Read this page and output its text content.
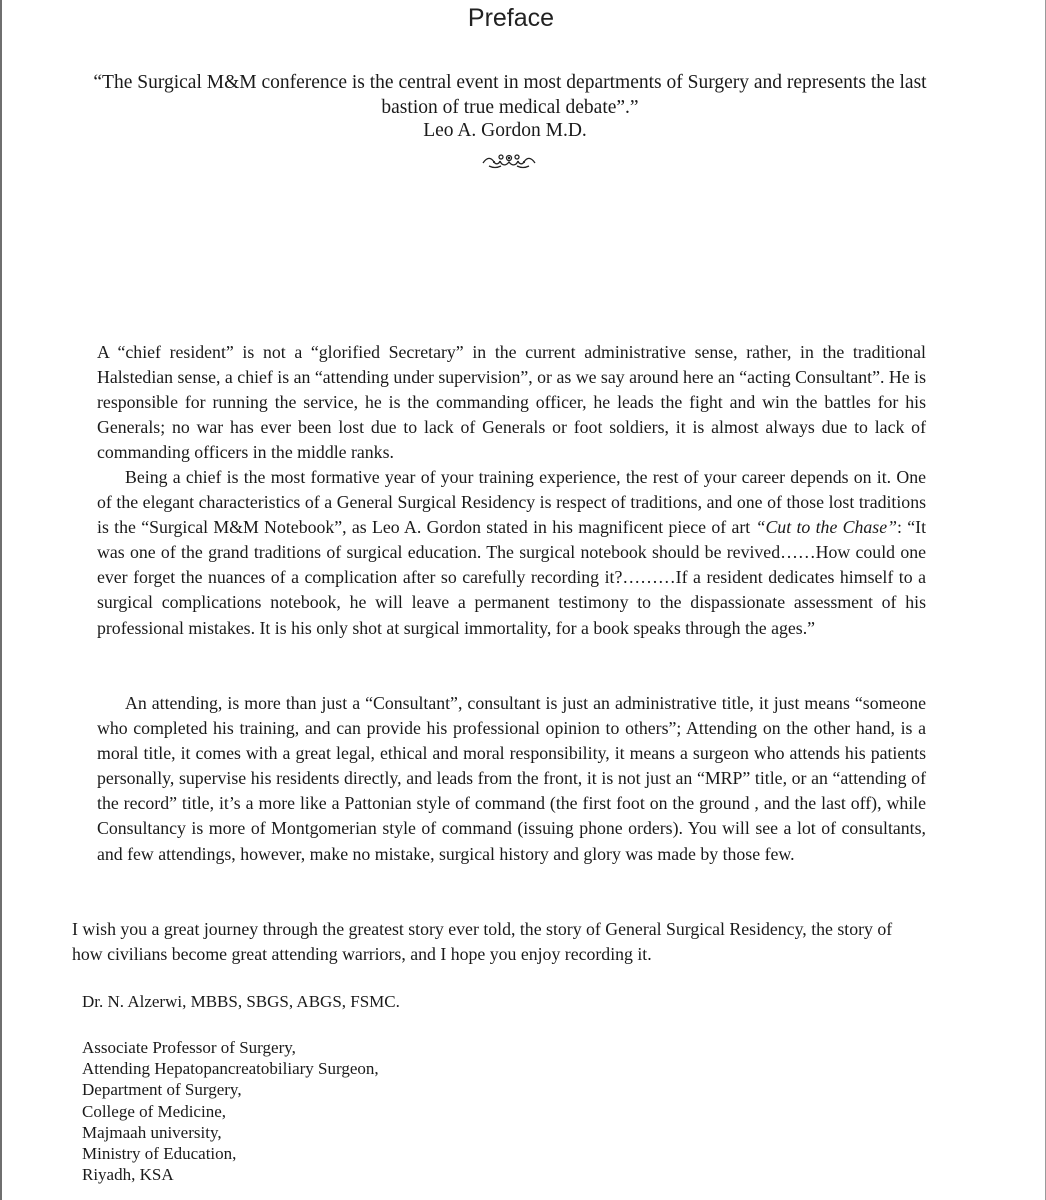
Preface
“The Surgical M&M conference is the central event in most departments of Surgery and represents the last bastion of true medical debate”.”
Leo A. Gordon M.D.

A “chief resident” is not a “glorified Secretary” in the current administrative sense, rather, in the traditional Halstedian sense, a chief is an “attending under supervision”, or as we say around here an “acting Consultant”. He is responsible for running the service, he is the commanding officer, he leads the fight and win the battles for his Generals; no war has ever been lost due to lack of Generals or foot soldiers, it is almost always due to lack of commanding officers in the middle ranks.

Being a chief is the most formative year of your training experience, the rest of your career depends on it. One of the elegant characteristics of a General Surgical Residency is respect of traditions, and one of those lost traditions is the “Surgical M&M Notebook”, as Leo A. Gordon stated in his magnificent piece of art “Cut to the Chase”: “It was one of the grand traditions of surgical education. The surgical notebook should be revived……How could one ever forget the nuances of a complication after so carefully recording it?………If a resident dedicates himself to a surgical complications notebook, he will leave a permanent testimony to the dispassionate assessment of his professional mistakes. It is his only shot at surgical immortality, for a book speaks through the ages.”

An attending, is more than just a “Consultant”, consultant is just an administrative title, it just means “someone who completed his training, and can provide his professional opinion to others”; Attending on the other hand, is a moral title, it comes with a great legal, ethical and moral responsibility, it means a surgeon who attends his patients personally, supervise his residents directly, and leads from the front, it is not just an “MRP” title, or an “attending of the record” title, it’s a more like a Pattonian style of command (the first foot on the ground , and the last off), while Consultancy is more of Montgomerian style of command (issuing phone orders). You will see a lot of consultants, and few attendings, however, make no mistake, surgical history and glory was made by those few.

I wish you a great journey through the greatest story ever told, the story of General Surgical Residency, the story of how civilians become great attending warriors, and I hope you enjoy recording it.

Dr. N. Alzerwi, MBBS, SBGS, ABGS, FSMC.
Associate Professor of Surgery,
Attending Hepatopancreatobiliary Surgeon,
Department of Surgery,
College of Medicine,
Majmaah university,
Ministry of Education,
Riyadh, KSA
